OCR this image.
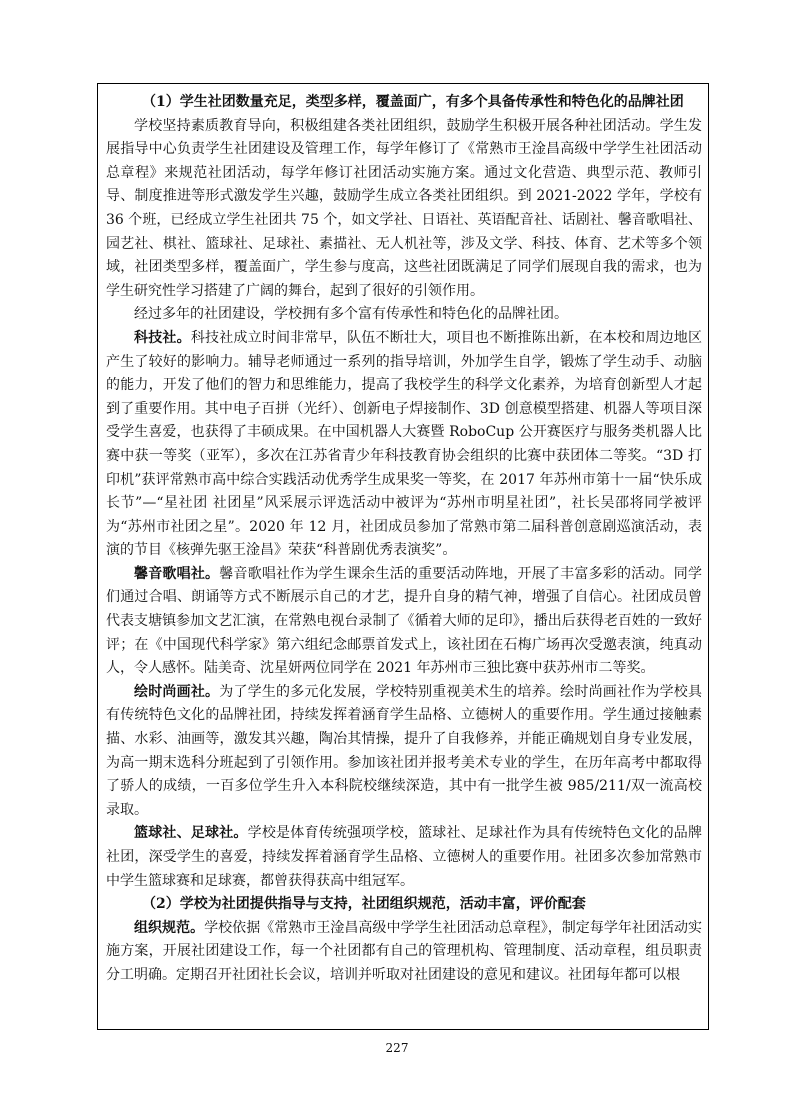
（1）学生社团数量充足，类型多样，覆盖面广，有多个具备传承性和特色化的品牌社团

学校坚持素质教育导向，积极组建各类社团组织，鼓励学生积极开展各种社团活动。学生发展指导中心负责学生社团建设及管理工作，每学年修订了《常熟市王淦昌高级中学学生社团活动总章程》来规范社团活动，每学年修订社团活动实施方案。通过文化营造、典型示范、教师引导、制度推进等形式激发学生兴趣，鼓励学生成立各类社团组织。到 2021-2022 学年，学校有 36 个班，已经成立学生社团共 75 个，如文学社、日语社、英语配音社、话剧社、馨音歌唱社、园艺社、棋社、篮球社、足球社、素描社、无人机社等，涉及文学、科技、体育、艺术等多个领域，社团类型多样，覆盖面广，学生参与度高，这些社团既满足了同学们展现自我的需求，也为学生研究性学习搭建了广阔的舞台，起到了很好的引领作用。

经过多年的社团建设，学校拥有多个富有传承性和特色化的品牌社团。

科技社。科技社成立时间非常早，队伍不断壮大，项目也不断推陈出新，在本校和周边地区产生了较好的影响力。辅导老师通过一系列的指导培训，外加学生自学，锻炼了学生动手、动脑的能力，开发了他们的智力和思维能力，提高了我校学生的科学文化素养，为培育创新型人才起到了重要作用。其中电子百拼（光纤）、创新电子焊接制作、3D 创意模型搭建、机器人等项目深受学生喜爱，也获得了丰硕成果。在中国机器人大赛暨 RoboCup 公开赛医疗与服务类机器人比赛中获一等奖（亚军），多次在江苏省青少年科技教育协会组织的比赛中获团体二等奖。“3D 打印机”获评常熟市高中综合实践活动优秀学生成果奖一等奖，在 2017 年苏州市第十一届“快乐成长节”—“星社团 社团星”风采展示评选活动中被评为“苏州市明星社团”，社长吴邵将同学被评为“苏州市社团之星”。2020 年 12 月，社团成员参加了常熟市第二届科普创意剧巡演活动，表演的节目《核弹先驱王淦昌》荣获“科普剧优秀表演奖”。

馨音歌唱社。馨音歌唱社作为学生课余生活的重要活动阵地，开展了丰富多彩的活动。同学们通过合唱、朗诵等方式不断展示自己的才艺，提升自身的精气神，增强了自信心。社团成员曾代表支塘镇参加文艺汇演，在常熟电视台录制了《循着大师的足印》，播出后获得老百姓的一致好评；在《中国现代科学家》第六组纪念邮票首发式上，该社团在石梅广场再次受邀表演，纯真动人，令人感怀。陆美奇、沈星妍两位同学在 2021 年苏州市三独比赛中获苏州市二等奖。

绘时尚画社。为了学生的多元化发展，学校特别重视美术生的培养。绘时尚画社作为学校具有传统特色文化的品牌社团，持续发挥着涵育学生品格、立德树人的重要作用。学生通过接触素描、水彩、油画等，激发其兴趣，陶冶其情操，提升了自我修养，并能正确规划自身专业发展，为高一期末选科分班起到了引领作用。参加该社团并报考美术专业的学生，在历年高考中都取得了骄人的成绩，一百多位学生升入本科院校继续深造，其中有一批学生被 985/211/双一流高校录取。

篮球社、足球社。学校是体育传统强项学校，篮球社、足球社作为具有传统特色文化的品牌社团，深受学生的喜爱，持续发挥着涵育学生品格、立德树人的重要作用。社团多次参加常熟市中学生篮球赛和足球赛，都曾获得获高中组冠军。

（2）学校为社团提供指导与支持，社团组织规范，活动丰富，评价配套

组织规范。学校依据《常熟市王淦昌高级中学学生社团活动总章程》，制定每学年社团活动实施方案，开展社团建设工作，每一个社团都有自己的管理机构、管理制度、活动章程，组员职责分工明确。定期召开社团社长会议，培训并听取对社团建设的意见和建议。社团每年都可以根

227
